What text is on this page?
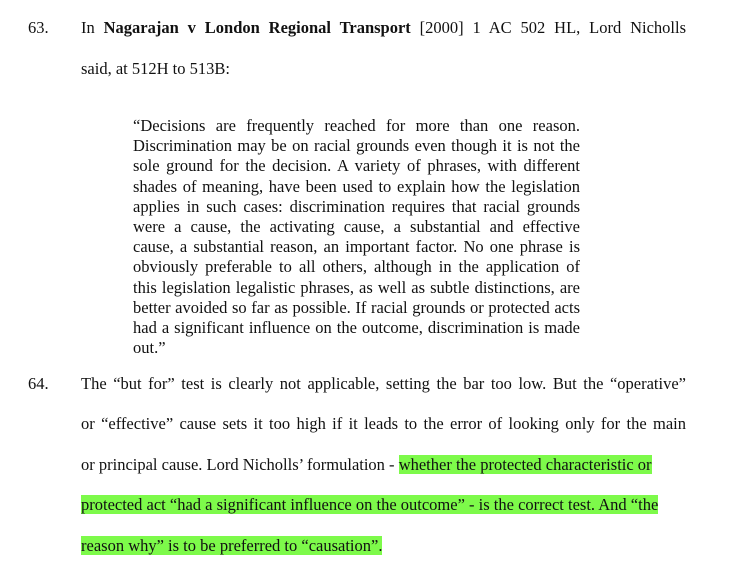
63. In Nagarajan v London Regional Transport [2000] 1 AC 502 HL, Lord Nicholls
said, at 512H to 513B:
“Decisions are frequently reached for more than one reason. Discrimination may be on racial grounds even though it is not the sole ground for the decision. A variety of phrases, with different shades of meaning, have been used to explain how the legislation applies in such cases: discrimination requires that racial grounds were a cause, the activating cause, a substantial and effective cause, a substantial reason, an important factor. No one phrase is obviously preferable to all others, although in the application of this legislation legalistic phrases, as well as subtle distinctions, are better avoided so far as possible. If racial grounds or protected acts had a significant influence on the outcome, discrimination is made out.”
64. The “but for” test is clearly not applicable, setting the bar too low. But the “operative”
or “effective” cause sets it too high if it leads to the error of looking only for the main
or principal cause. Lord Nicholls’ formulation - whether the protected characteristic or
protected act “had a significant influence on the outcome” - is the correct test. And “the
reason why” is to be preferred to “causation”.
